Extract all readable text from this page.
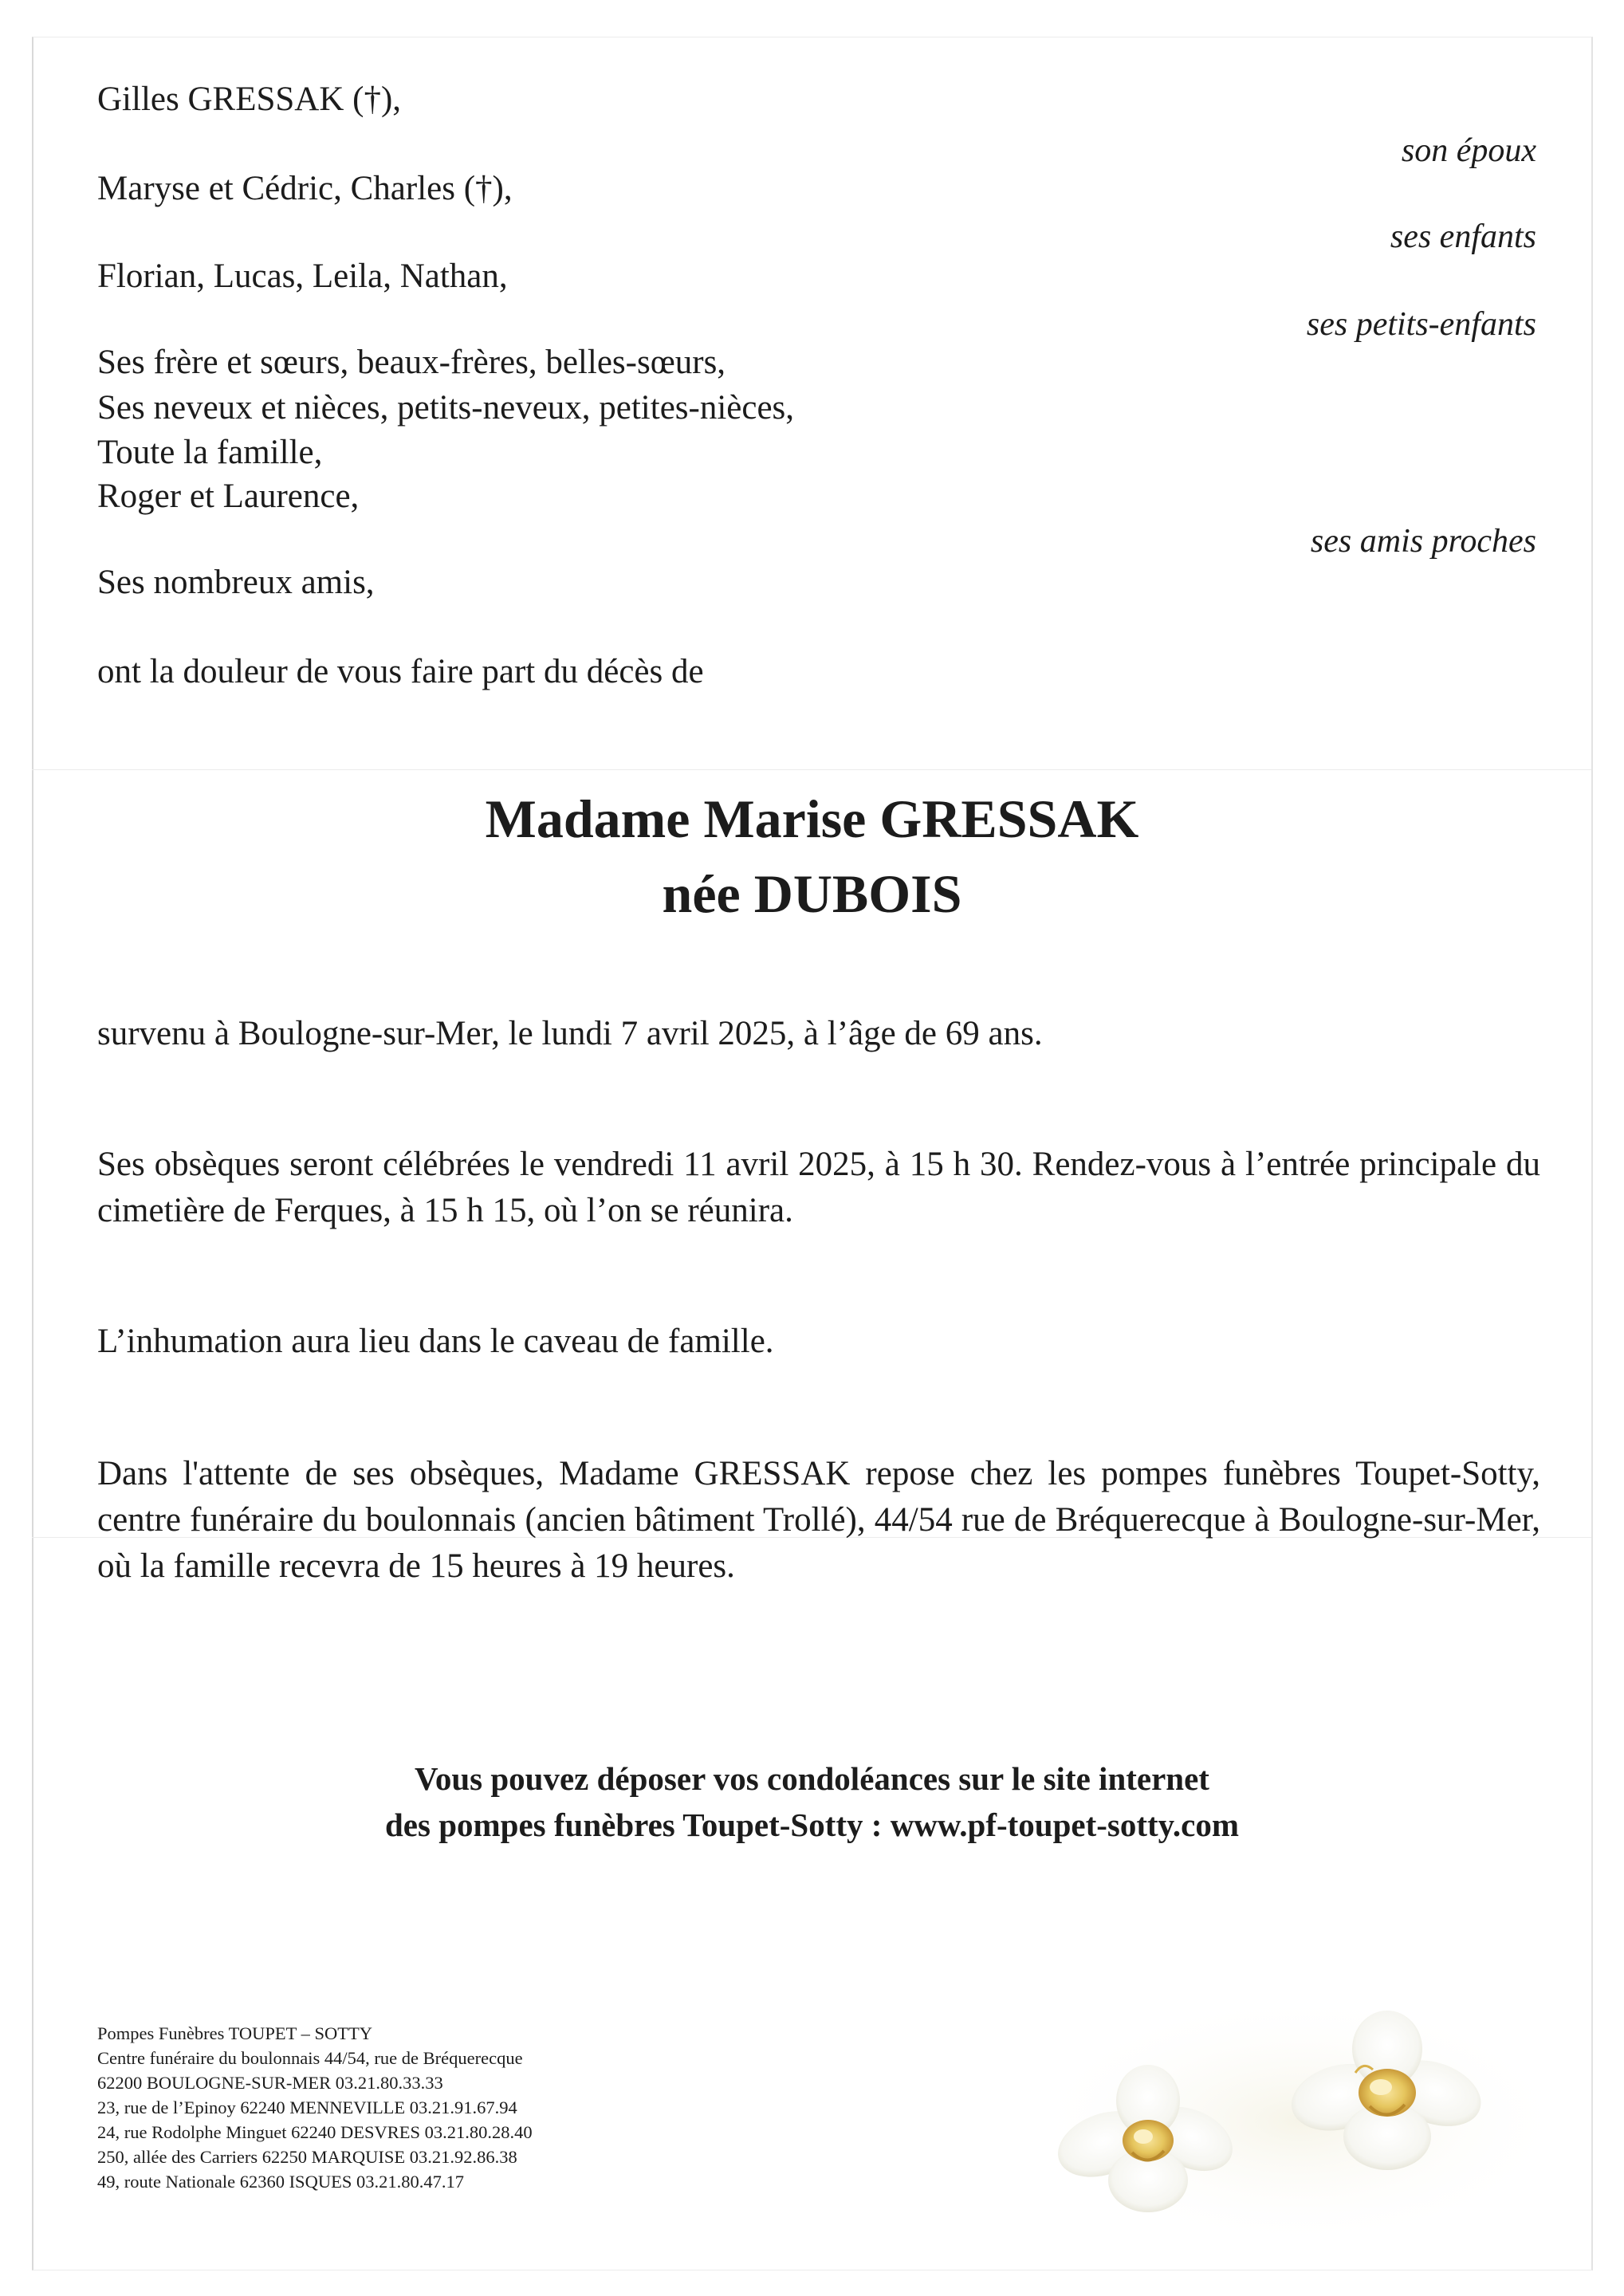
Gilles GRESSAK (†),
son époux
Maryse et Cédric, Charles (†),
ses enfants
Florian, Lucas, Leila, Nathan,
ses petits-enfants
Ses frère et sœurs, beaux-frères, belles-sœurs,
Ses neveux et nièces, petits-neveux, petites-nièces,
Toute la famille,
Roger et Laurence,
ses amis proches
Ses nombreux amis,
ont la douleur de vous faire part du décès de
Madame Marise GRESSAK
née DUBOIS
survenu à Boulogne-sur-Mer, le lundi 7 avril 2025, à l’âge de 69 ans.
Ses obsèques seront célébrées le vendredi 11 avril 2025, à 15 h 30. Rendez-vous à l’entrée principale du cimetière de Ferques, à 15 h 15, où l’on se réunira.
L’inhumation aura lieu dans le caveau de famille.
Dans l'attente de ses obsèques, Madame GRESSAK repose chez les pompes funèbres Toupet-Sotty, centre funéraire du boulonnais (ancien bâtiment Trollé), 44/54 rue de Bréquerecque à Boulogne-sur-Mer, où la famille recevra de 15 heures à 19 heures.
Vous pouvez déposer vos condoléances sur le site internet
des pompes funèbres Toupet-Sotty : www.pf-toupet-sotty.com
Pompes Funèbres TOUPET – SOTTY
Centre funéraire du boulonnais 44/54, rue de Bréquerecque
62200 BOULOGNE-SUR-MER 03.21.80.33.33
23, rue de l’Epinoy 62240 MENNEVILLE 03.21.91.67.94
24, rue Rodolphe Minguet 62240 DESVRES 03.21.80.28.40
250, allée des Carriers 62250 MARQUISE 03.21.92.86.38
49, route Nationale 62360 ISQUES 03.21.80.47.17
